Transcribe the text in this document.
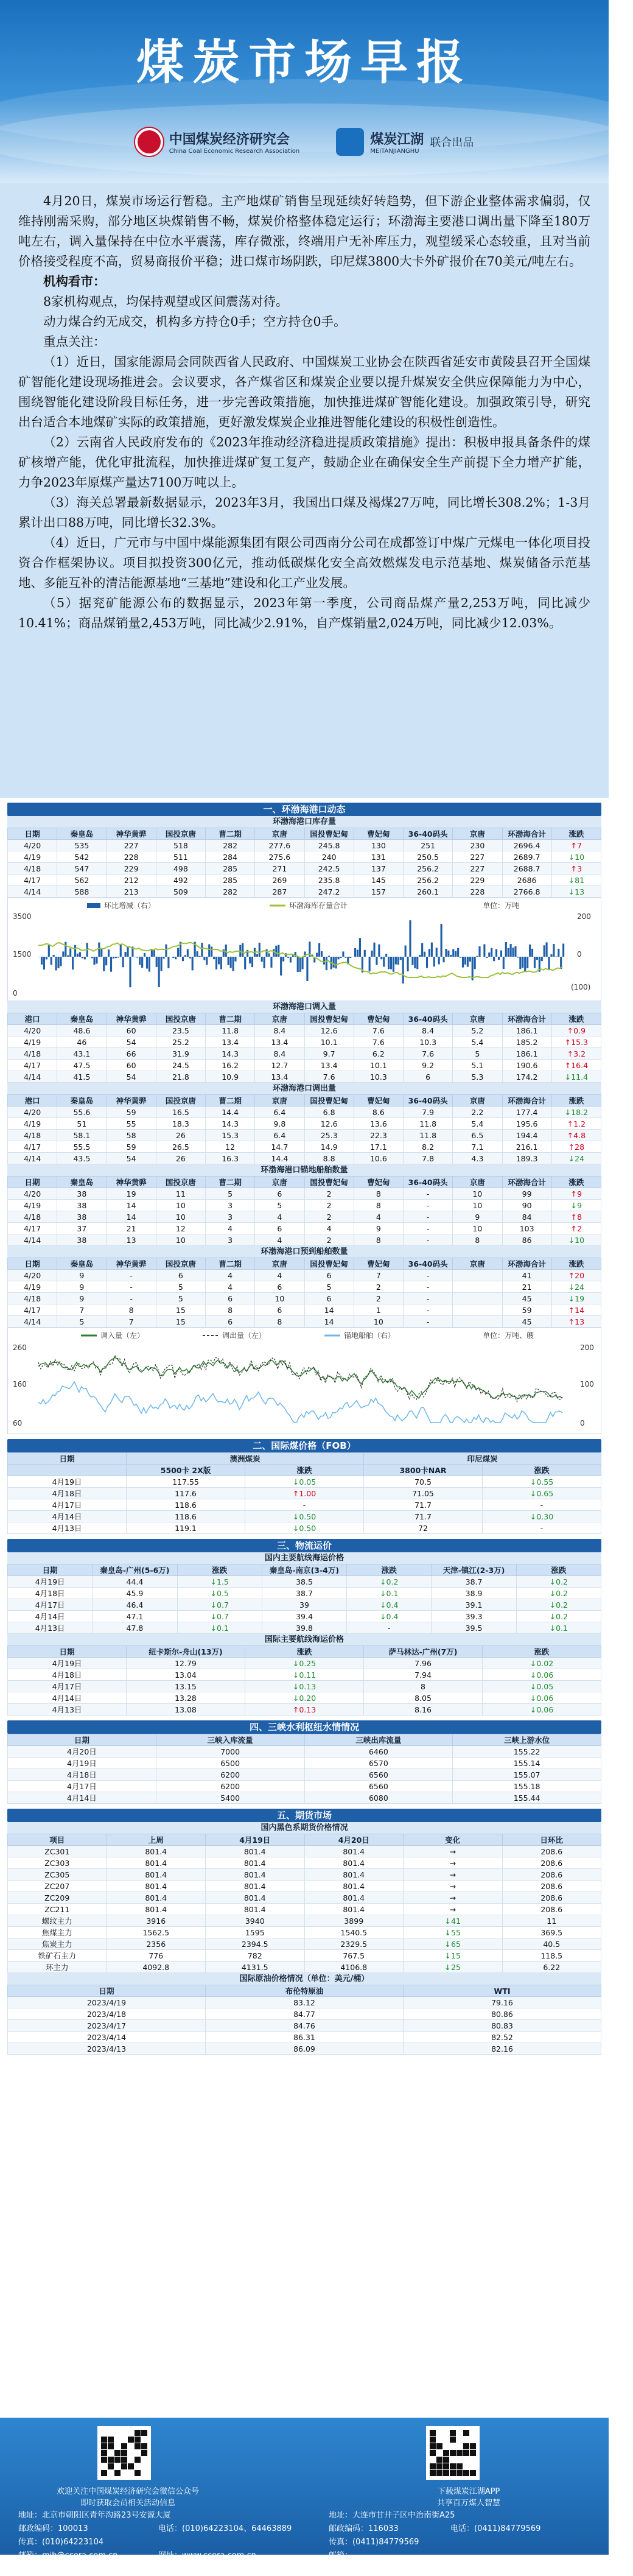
煤炭市场早报
中国煤炭经济研究会
China Coal Economic Research Association
煤炭江湖
MEITANJIANGHU
联合出品

4月20日，煤炭市场运行暂稳。主产地煤矿销售呈现延续好转趋势，但下游企业整体需求偏弱，仅维持刚需采购，部分地区块煤销售不畅，煤炭价格整体稳定运行；环渤海主要港口调出量下降至180万吨左右，调入量保持在中位水平震荡，库存微涨，终端用户无补库压力，观望缓采心态较重，且对当前价格接受程度不高，贸易商报价平稳；进口煤市场阴跌，印尼煤3800大卡外矿报价在70美元/吨左右。

机构看市：

8家机构观点，均保持观望或区间震荡对待。

动力煤合约无成交，机构多方持仓0手；空方持仓0手。

重点关注：

（1）近日，国家能源局会同陕西省人民政府、中国煤炭工业协会在陕西省延安市黄陵县召开全国煤矿智能化建设现场推进会。会议要求，各产煤省区和煤炭企业要以提升煤炭安全供应保障能力为中心，围绕智能化建设阶段目标任务，进一步完善政策措施，加快推进煤矿智能化建设。加强政策引导，研究出台适合本地煤矿实际的政策措施，更好激发煤炭企业推进智能化建设的积极性创造性。

（2）云南省人民政府发布的《2023年推动经济稳进提质政策措施》提出：积极申报具备条件的煤矿核增产能，优化审批流程，加快推进煤矿复工复产，鼓励企业在确保安全生产前提下全力增产扩能，力争2023年原煤产量达7100万吨以上。

（3）海关总署最新数据显示，2023年3月，我国出口煤及褐煤27万吨，同比增长308.2%；1-3月累计出口88万吨，同比增长32.3%。

（4）近日，广元市与中国中煤能源集团有限公司西南分公司在成都签订中煤广元煤电一体化项目投资合作框架协议。项目拟投资300亿元，推动低碳煤化安全高效燃煤发电示范基地、煤炭储备示范基地、多能互补的清洁能源基地“三基地”建设和化工产业发展。

（5）据兖矿能源公布的数据显示，2023年第一季度，公司商品煤产量2,253万吨，同比减少10.41%；商品煤销量2,453万吨，同比减少2.91%，自产煤销量2,024万吨，同比减少12.03%。

一、环渤海港口动态
环渤海港口库存量
日期	秦皇岛	神华黄骅	国投京唐	曹二期	京唐	国投曹妃甸	曹妃甸	36-40码头	京唐	环渤海合计	涨跌
4/20	535	227	518	282	277.6	245.8	130	251	230	2696.4	↑7
4/19	542	228	511	284	275.6	240	131	250.5	227	2689.7	↓10
4/18	547	229	498	285	271	242.5	137	256.2	227	2688.7	↑3
4/17	562	212	492	285	269	235.8	145	256.2	229	2686	↓81
4/14	588	213	509	282	287	247.2	157	260.1	228	2766.8	↓13
环比增减（右）	环渤海库存量合计	单位：万吨
3500
1500
0
200
0
(100)
环渤海港口调入量
港口	秦皇岛	神华黄骅	国投京唐	曹二期	京唐	国投曹妃甸	曹妃甸	36-40码头	京唐	环渤海合计	涨跌
4/20	48.6	60	23.5	11.8	8.4	12.6	7.6	8.4	5.2	186.1	↑0.9
4/19	46	54	25.2	13.4	13.4	10.1	7.6	10.3	5.4	185.2	↑15.3
4/18	43.1	66	31.9	14.3	8.4	9.7	6.2	7.6	5	186.1	↑3.2
4/17	47.5	60	24.5	16.2	12.7	13.4	10.1	9.2	5.1	190.6	↑16.4
4/14	41.5	54	21.8	10.9	13.4	7.6	10.3	6	5.3	174.2	↓11.4
环渤海港口调出量
港口	秦皇岛	神华黄骅	国投京唐	曹二期	京唐	国投曹妃甸	曹妃甸	36-40码头	京唐	环渤海合计	涨跌
4/20	55.6	59	16.5	14.4	6.4	6.8	8.6	7.9	2.2	177.4	↓18.2
4/19	51	55	18.3	14.3	9.8	12.6	13.6	11.8	5.4	195.6	↑1.2
4/18	58.1	58	26	15.3	6.4	25.3	22.3	11.8	6.5	194.4	↑4.8
4/17	55.5	59	26.5	12	14.7	14.9	17.1	8.2	7.1	216.1	↑28
4/14	43.5	54	26	16.3	14.4	8.8	10.6	7.8	4.3	189.3	↓24
环渤海港口锚地船舶数量
日期	秦皇岛	神华黄骅	国投京唐	曹二期	京唐	国投曹妃甸	曹妃甸	36-40码头	京唐	环渤海合计	涨跌
4/20	38	19	11	5	6	2	8	-	10	99	↑9
4/19	38	14	10	3	5	2	8	-	10	90	↓9
4/18	38	14	10	3	4	2	4	-	9	84	↑8
4/17	37	21	12	4	6	4	9	-	10	103	↑2
4/14	38	13	10	3	4	2	8	-	8	86	↓10
环渤海港口预到船舶数量
日期	秦皇岛	神华黄骅	国投京唐	曹二期	京唐	国投曹妃甸	曹妃甸	36-40码头	京唐	环渤海合计	涨跌
4/20	9	-	6	4	4	6	7	-		41	↑20
4/19	9	-	5	4	6	5	2	-		21	↓24
4/18	9	-	5	6	10	6	2	-		45	↓19
4/17	7	8	15	8	6	14	1	-		59	↑14
4/14	5	7	15	6	8	14	10	-		45	↑13
调入量（左）	调出量（左）	锚地船舶（右）	单位：万吨、艘
260
160
60
200
100
0
二、国际煤价格（FOB）
日期	澳洲煤炭		印尼煤炭	
	5500卡 2X版	涨跌	3800卡NAR	涨跌
4月19日	117.55	↓0.05	70.5	↓0.55
4月18日	117.6	↑1.00	71.05	↓0.65
4月17日	118.6	-	71.7	-
4月14日	118.6	↓0.50	71.7	↓0.30
4月13日	119.1	↓0.50	72	-
三、物流运价
国内主要航线海运价格
日期	秦皇岛-广州(5-6万)	涨跌	秦皇岛-南京(3-4万)	涨跌	天津-镇江(2-3万)	涨跌
4月19日	44.4	↓1.5	38.5	↓0.2	38.7	↓0.2
4月18日	45.9	↓0.5	38.7	↓0.1	38.9	↓0.2
4月17日	46.4	↓0.7	39	↓0.4	39.1	↓0.2
4月14日	47.1	↓0.7	39.4	↓0.4	39.3	↓0.2
4月13日	47.8	↓0.1	39.8	-	39.5	↓0.1
国际主要航线海运价格
日期	纽卡斯尔-舟山(13万)	涨跌	萨马林达-广州(7万)	涨跌
4月19日	12.79	↓0.25	7.96	↓0.02
4月18日	13.04	↓0.11	7.94	↓0.06
4月17日	13.15	↓0.13	8	↓0.05
4月14日	13.28	↓0.20	8.05	↓0.06
4月13日	13.08	↑0.13	8.16	↓0.06
四、三峡水利枢纽水情情况
日期	三峡入库流量	三峡出库流量	三峡上游水位
4月20日	7000	6460	155.22
4月19日	6500	6570	155.14
4月18日	6200	6560	155.07
4月17日	6200	6560	155.18
4月14日	5400	6080	155.44
五、期货市场
国内黑色系期货价格情况
项目	上周	4月19日	4月20日	变化	日环比
ZC301	801.4	801.4	801.4	→	208.6
ZC303	801.4	801.4	801.4	→	208.6
ZC305	801.4	801.4	801.4	→	208.6
ZC207	801.4	801.4	801.4	→	208.6
ZC209	801.4	801.4	801.4	→	208.6
ZC211	801.4	801.4	801.4	→	208.6
螺纹主力	3916	3940	3899	↓41	11
焦煤主力	1562.5	1595	1540.5	↓55	369.5
焦炭主力	2356	2394.5	2329.5	↓65	40.5
铁矿石主力	776	782	767.5	↓15	118.5
环主力	4092.8	4131.5	4106.8	↓25	6.22
国际原油价格情况（单位：美元/桶）
日期	布伦特原油	WTI
2023/4/19	83.12	79.16
2023/4/18	84.77	80.86
2023/4/17	84.76	80.83
2023/4/14	86.31	82.52
2023/4/13	86.09	82.16
欢迎关注中国煤炭经济研究会微信公众号
即时获取会员相关活动信息
下载煤炭江湖APP
共享百万煤人智慧
地址：北京市朝阳区青年沟路23号安源大厦
邮政编码：100013	电话：(010)64223104、64463889
传真：(010)64223104
邮箱：mjh@ccera.com.cn	网址：www.ccera.com.cn
地址：大连市甘井子区中治南街A25
邮政编码：116033	电话：(0411)84779569
传真：(0411)84779569
邮箱：mtjh@meitanjianghu.com 网址：www.meitanjianghu.com
